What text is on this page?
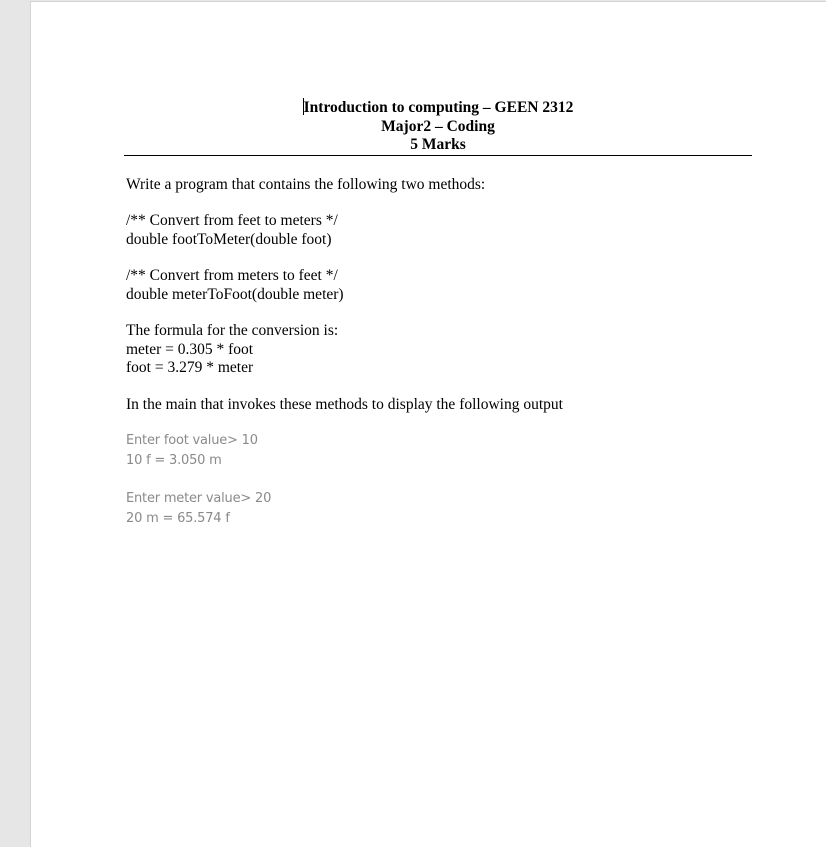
Introduction to computing – GEEN 2312
Major2 – Coding
5 Marks
Write a program that contains the following two methods:
/** Convert from feet to meters */
double footToMeter(double foot)
/** Convert from meters to feet */
double meterToFoot(double meter)
The formula for the conversion is:
meter = 0.305 * foot
foot = 3.279 * meter
In the main that invokes these methods to display the following output
Enter foot value> 10
10 f = 3.050 m
Enter meter value> 20
20 m = 65.574 f
